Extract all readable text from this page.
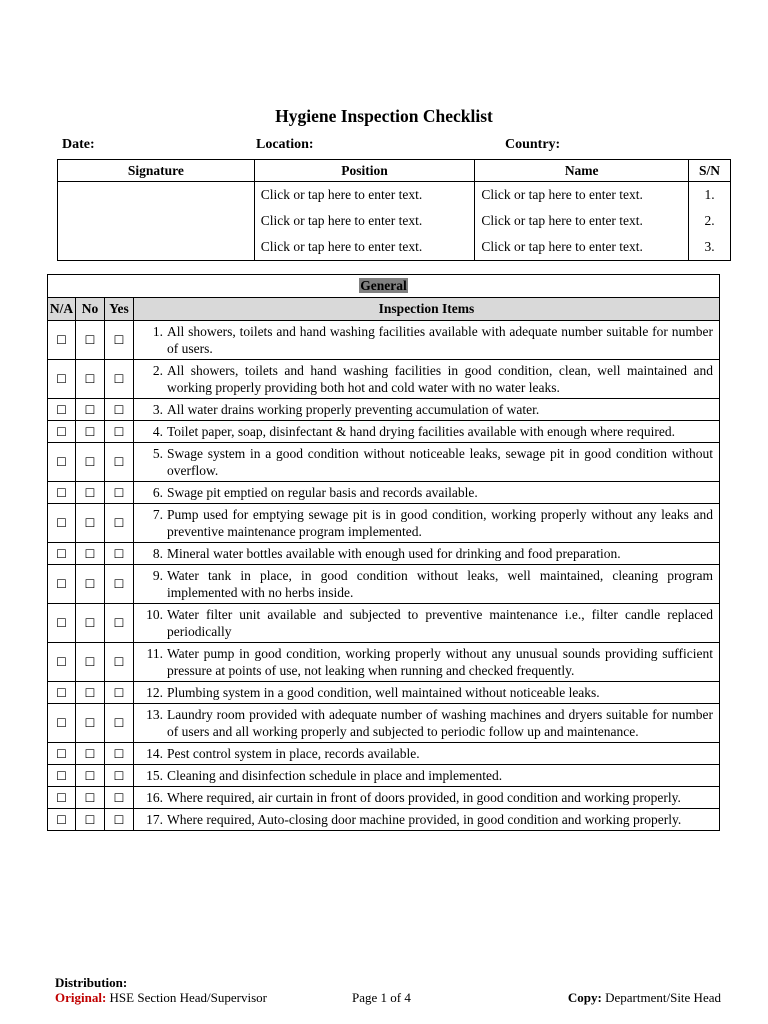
Hygiene Inspection Checklist
Date:	Location:	Country:
Signature	Position	Name	S/N
	Click or tap here to enter text.	Click or tap here to enter text.	1.
	Click or tap here to enter text.	Click or tap here to enter text.	2.
	Click or tap here to enter text.	Click or tap here to enter text.	3.
General			
N/A	No	Yes	Inspection Items
☐	☐	☐	1. All showers, toilets and hand washing facilities available with adequate number suitable for number of users.

☐	☐	☐	2. All showers, toilets and hand washing facilities in good condition, clean, well maintained and working properly providing both hot and cold water with no water leaks.

☐	☐	☐	3. All water drains working properly preventing accumulation of water.

☐	☐	☐	4. Toilet paper, soap, disinfectant & hand drying facilities available with enough where required.

☐	☐	☐	5. Swage system in a good condition without noticeable leaks, sewage pit in good condition without overflow.

☐	☐	☐	6. Swage pit emptied on regular basis and records available.

☐	☐	☐	7. Pump used for emptying sewage pit is in good condition, working properly without any leaks and preventive maintenance program implemented.

☐	☐	☐	8. Mineral water bottles available with enough used for drinking and food preparation.

☐	☐	☐	9. Water tank in place, in good condition without leaks, well maintained, cleaning program implemented with no herbs inside.

☐	☐	☐	10. Water filter unit available and subjected to preventive maintenance i.e., filter candle replaced periodically

☐	☐	☐	11. Water pump in good condition, working properly without any unusual sounds providing sufficient pressure at points of use, not leaking when running and checked frequently.

☐	☐	☐	12. Plumbing system in a good condition, well maintained without noticeable leaks.

☐	☐	☐	13. Laundry room provided with adequate number of washing machines and dryers suitable for number of users and all working properly and subjected to periodic follow up and maintenance.

☐	☐	☐	14. Pest control system in place, records available.

☐	☐	☐	15. Cleaning and disinfection schedule in place and implemented.

☐	☐	☐	16. Where required, air curtain in front of doors provided, in good condition and working properly.

☐	☐	☐	17. Where required, Auto-closing door machine provided, in good condition and working properly.
Distribution:
Original: HSE Section Head/Supervisor	Page 1 of 4	Copy: Department/Site Head
